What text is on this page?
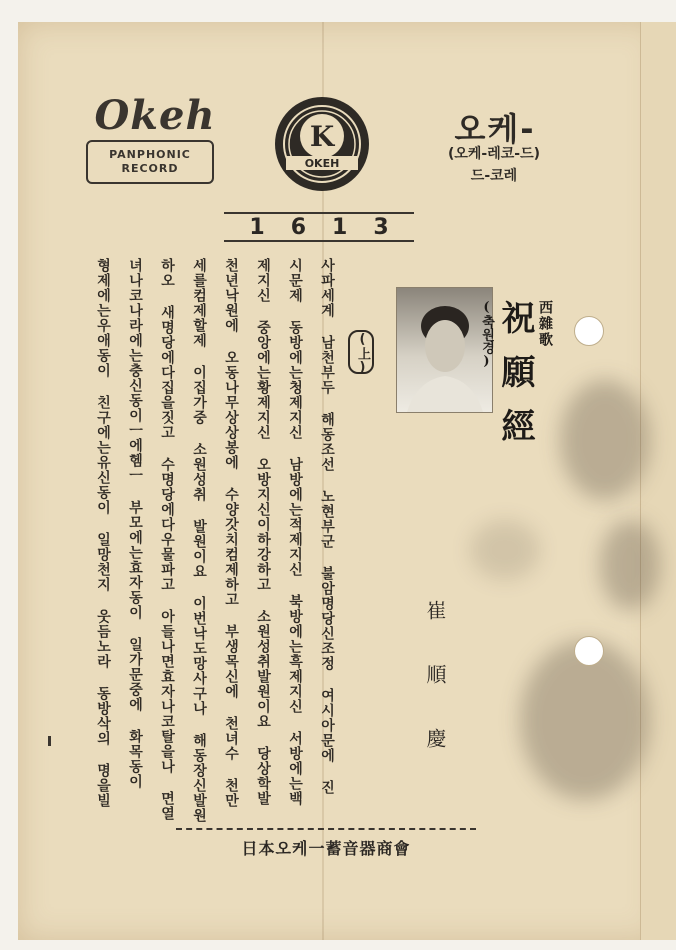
Okeh
PANPHONIC
RECORD
K
OKEH
오케-
(오케-레코-드)
드-코레
1613
西雜歌
祝願經
(축원경)
崔順慶
(上)
사파세계 남천부두 해동조선 노현부군 불암명당신조정 여시아문에 진
시문제 동방에는청제지신 남방에는적제지신 북방에는흑제지신 서방에는백
제지신 중앙에는황제지신 오방지신이하강하고 소원성취발원이요 당상학발
천년낙원에 오동나무상상봉에 수양갓치컴제하고 부생목신에 천녀수 천만
세를컴제할제 이집가중 소원성취 발원이요 이번낙도망사구나 해동장신발원
하오 새명당에다집을짓고 수명당에다우물파고 아들나면효자나코탈을나 면열
녀나코나라에는충신동이ㅡ에헴ㅡ 부모에는효자동이 일가문중에 화목동이
형제에는우애동이 친구에는유신동이 일망천지 웃듬노라 동방삭의 명을빌
日本오케一蓄音器商會
